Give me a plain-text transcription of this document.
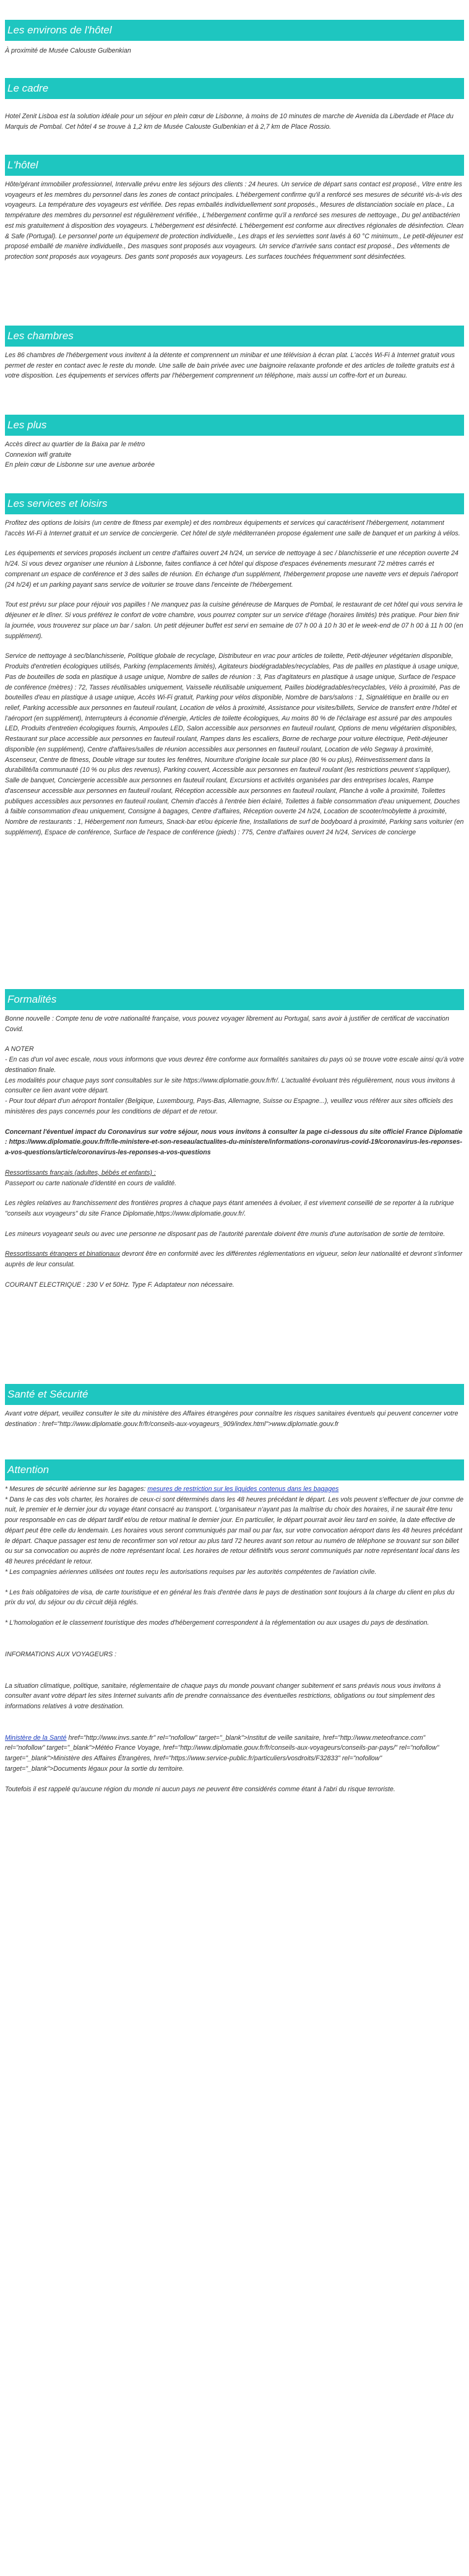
Les environs de l'hôtel

À proximité de Musée Calouste Gulbenkian

Le cadre

Hotel Zenit Lisboa est la solution idéale pour un séjour en plein cœur de Lisbonne, à moins de 10 minutes de marche de Avenida da Liberdade et Place du Marquis de Pombal. Cet hôtel 4 se trouve à 1,2 km de Musée Calouste Gulbenkian et à 2,7 km de Place Rossio.

L'hôtel

Hôte/gérant immobilier professionnel, Intervalle prévu entre les séjours des clients : 24 heures. Un service de départ sans contact est proposé., Vitre entre les voyageurs et les membres du personnel dans les zones de contact principales. L'hébergement confirme qu'il a renforcé ses mesures de sécurité vis-à-vis des voyageurs. La température des voyageurs est vérifiée. Des repas emballés individuellement sont proposés., Mesures de distanciation sociale en place., La température des membres du personnel est régulièrement vérifiée., L'hébergement confirme qu'il a renforcé ses mesures de nettoyage., Du gel antibactérien est mis gratuitement à disposition des voyageurs. L'hébergement est désinfecté. L'hébergement est conforme aux directives régionales de désinfection. Clean & Safe (Portugal). Le personnel porte un équipement de protection individuelle., Les draps et les serviettes sont lavés à 60 °C minimum., Le petit-déjeuner est proposé emballé de manière individuelle., Des masques sont proposés aux voyageurs. Un service d'arrivée sans contact est proposé., Des vêtements de protection sont proposés aux voyageurs. Des gants sont proposés aux voyageurs. Les surfaces touchées fréquemment sont désinfectées.

Les chambres

Les 86 chambres de l'hébergement vous invitent à la détente et comprennent un minibar et une télévision à écran plat. L'accès Wi-Fi à Internet gratuit vous permet de rester en contact avec le reste du monde. Une salle de bain privée avec une baignoire relaxante profonde et des articles de toilette gratuits est à votre disposition. Les équipements et services offerts par l'hébergement comprennent un téléphone, mais aussi un coffre-fort et un bureau.

Les plus

Accès direct au quartier de la Baixa par le métro

Connexion wifi gratuite

En plein cœur de Lisbonne sur une avenue arborée

Les services et loisirs

Profitez des options de loisirs (un centre de fitness par exemple) et des nombreux équipements et services qui caractérisent l'hébergement, notamment l'accès Wi-Fi à Internet gratuit et un service de conciergerie. Cet hôtel de style méditerranéen propose également une salle de banquet et un parking à vélos.

Les équipements et services proposés incluent un centre d'affaires ouvert 24 h/24, un service de nettoyage à sec / blanchisserie et une réception ouverte 24 h/24. Si vous devez organiser une réunion à Lisbonne, faites confiance à cet hôtel qui dispose d'espaces événements mesurant 72 mètres carrés et comprenant un espace de conférence et 3 des salles de réunion. En échange d'un supplément, l'hébergement propose une navette vers et depuis l'aéroport (24 h/24) et un parking payant sans service de voiturier se trouve dans l'enceinte de l'hébergement.

Tout est prévu sur place pour réjouir vos papilles ! Ne manquez pas la cuisine généreuse de Marques de Pombal, le restaurant de cet hôtel qui vous servira le déjeuner et le dîner. Si vous préférez le confort de votre chambre, vous pourrez compter sur un service d'étage (horaires limités) très pratique. Pour bien finir la journée, vous trouverez sur place un bar / salon. Un petit déjeuner buffet est servi en semaine de 07 h 00 à 10 h 30 et le week-end de 07 h 00 à 11 h 00 (en supplément).

Service de nettoyage à sec/blanchisserie, Politique globale de recyclage, Distributeur en vrac pour articles de toilette, Petit-déjeuner végétarien disponible, Produits d'entretien écologiques utilisés, Parking (emplacements limités), Agitateurs biodégradables/recyclables, Pas de pailles en plastique à usage unique, Pas de bouteilles de soda en plastique à usage unique, Nombre de salles de réunion : 3, Pas d'agitateurs en plastique à usage unique, Surface de l'espace de conférence (mètres) : 72, Tasses réutilisables uniquement, Vaisselle réutilisable uniquement, Pailles biodégradables/recyclables, Vélo à proximité, Pas de bouteilles d'eau en plastique à usage unique, Accès Wi-Fi gratuit, Parking pour vélos disponible, Nombre de bars/salons : 1, Signalétique en braille ou en relief, Parking accessible aux personnes en fauteuil roulant, Location de vélos à proximité, Assistance pour visites/billets, Service de transfert entre l'hôtel et l'aéroport (en supplément), Interrupteurs à économie d'énergie, Articles de toilette écologiques, Au moins 80 % de l'éclairage est assuré par des ampoules LED, Produits d'entretien écologiques fournis, Ampoules LED, Salon accessible aux personnes en fauteuil roulant, Options de menu végétarien disponibles, Restaurant sur place accessible aux personnes en fauteuil roulant, Rampes dans les escaliers, Borne de recharge pour voiture électrique, Petit-déjeuner disponible (en supplément), Centre d'affaires/salles de réunion accessibles aux personnes en fauteuil roulant, Location de vélo Segway à proximité, Ascenseur, Centre de fitness, Double vitrage sur toutes les fenêtres, Nourriture d'origine locale sur place (80 % ou plus), Réinvestissement dans la durabilité/la communauté (10 % ou plus des revenus), Parking couvert, Accessible aux personnes en fauteuil roulant (les restrictions peuvent s'appliquer), Salle de banquet, Conciergerie accessible aux personnes en fauteuil roulant, Excursions et activités organisées par des entreprises locales, Rampe d'ascenseur accessible aux personnes en fauteuil roulant, Réception accessible aux personnes en fauteuil roulant, Planche à volle à proximité, Toilettes publiques accessibles aux personnes en fauteuil roulant, Chemin d'accès à l'entrée bien éclairé, Toilettes à faible consommation d'eau uniquement, Douches à faible consommation d'eau uniquement, Consigne à bagages, Centre d'affaires, Réception ouverte 24 h/24, Location de scooter/mobylette à proximité, Nombre de restaurants : 1, Hébergement non fumeurs, Snack-bar et/ou épicerie fine, Installations de surf de bodyboard à proximité, Parking sans voiturier (en supplément), Espace de conférence, Surface de l'espace de conférence (pieds) : 775, Centre d'affaires ouvert 24 h/24, Services de concierge

Formalités

Bonne nouvelle : Compte tenu de votre nationalité française, vous pouvez voyager librement au Portugal, sans avoir à justifier de certificat de vaccination Covid.

A NOTER

- En cas d'un vol avec escale, nous vous informons que vous devrez être conforme aux formalités sanitaires du pays où se trouve votre escale ainsi qu'à votre destination finale.

Les modalités pour chaque pays sont consultables sur le site https://www.diplomatie.gouv.fr/fr/. L'actualité évoluant très régulièrement, nous vous invitons à consulter ce lien avant votre départ.

- Pour tout départ d'un aéroport frontalier (Belgique, Luxembourg, Pays-Bas, Allemagne, Suisse ou Espagne...), veuillez vous référer aux sites officiels des ministères des pays concernés pour les conditions de départ et de retour.

Concernant l'éventuel impact du Coronavirus sur votre séjour, nous vous invitons à consulter la page ci-dessous du site officiel France Diplomatie : https://www.diplomatie.gouv.fr/fr/le-ministere-et-son-reseau/actualites-du-ministere/informations-coronavirus-covid-19/coronavirus-les-reponses-a-vos-questions/article/coronavirus-les-reponses-a-vos-questions

Ressortissants français (adultes, bébés et enfants) :

Passeport ou carte nationale d'identité en cours de validité.

Les règles relatives au franchissement des frontières propres à chaque pays étant amenées à évoluer, il est vivement conseillé de se reporter à la rubrique "conseils aux voyageurs" du site France Diplomatie,https://www.diplomatie.gouv.fr/.

Les mineurs voyageant seuls ou avec une personne ne disposant pas de l'autorité parentale doivent être munis d'une autorisation de sortie de territoire.

Ressortissants étrangers et binationaux devront être en conformité avec les différentes réglementations en vigueur, selon leur nationalité et devront s'informer auprès de leur consulat.

COURANT ELECTRIQUE : 230 V et 50Hz. Type F. Adaptateur non nécessaire.

Santé et Sécurité

Avant votre départ, veuillez consulter le site du ministère des Affaires étrangères pour connaître les risques sanitaires éventuels qui peuvent concerner votre destination : href="http://www.diplomatie.gouv.fr/fr/conseils-aux-voyageurs_909/index.html">www.diplomatie.gouv.fr

Attention

* Mesures de sécurité aérienne sur les bagages: mesures de restriction sur les liquides contenus dans les bagages

* Dans le cas des vols charter, les horaires de ceux-ci sont déterminés dans les 48 heures précédant le départ. Les vols peuvent s'effectuer de jour comme de nuit, le premier et le dernier jour du voyage étant consacré au transport. L'organisateur n'ayant pas la maîtrise du choix des horaires, il ne saurait être tenu pour responsable en cas de départ tardif et/ou de retour matinal le dernier jour. En particulier, le départ pourrait avoir lieu tard en soirée, la date effective de départ peut être celle du lendemain. Les horaires vous seront communiqués par mail ou par fax, sur votre convocation aéroport dans les 48 heures précédant le départ. Chaque passager est tenu de reconfirmer son vol retour au plus tard 72 heures avant son retour au numéro de téléphone se trouvant sur son billet ou sur sa convocation ou auprès de notre représentant local. Les horaires de retour définitifs vous seront communiqués par notre représentant local dans les 48 heures précédant le retour.

* Les compagnies aériennes utilisées ont toutes reçu les autorisations requises par les autorités compétentes de l'aviation civile.

* Les frais obligatoires de visa, de carte touristique et en général les frais d'entrée dans le pays de destination sont toujours à la charge du client en plus du prix du vol, du séjour ou du circuit déjà réglés.

* L'homologation et le classement touristique des modes d'hébergement correspondent à la réglementation ou aux usages du pays de destination.

INFORMATIONS AUX VOYAGEURS :

La situation climatique, politique, sanitaire, réglementaire de chaque pays du monde pouvant changer subitement et sans préavis nous vous invitons à consulter avant votre départ les sites Internet suivants afin de prendre connaissance des éventuelles restrictions, obligations ou tout simplement des informations relatives à votre destination.

Ministère de la Santé href="http://www.invs.sante.fr" rel="nofollow" target="_blank">Institut de veille sanitaire, href="http://www.meteofrance.com" rel="nofollow" target="_blank">Météo France Voyage, href="http://www.diplomatie.gouv.fr/fr/conseils-aux-voyageurs/conseils-par-pays/" rel="nofollow" target="_blank">Ministère des Affaires Étrangères, href="https://www.service-public.fr/particuliers/vosdroits/F32833" rel="nofollow" target="_blank">Documents légaux pour la sortie du territoire.

Toutefois il est rappelé qu'aucune région du monde ni aucun pays ne peuvent être considérés comme étant à l'abri du risque terroriste.
